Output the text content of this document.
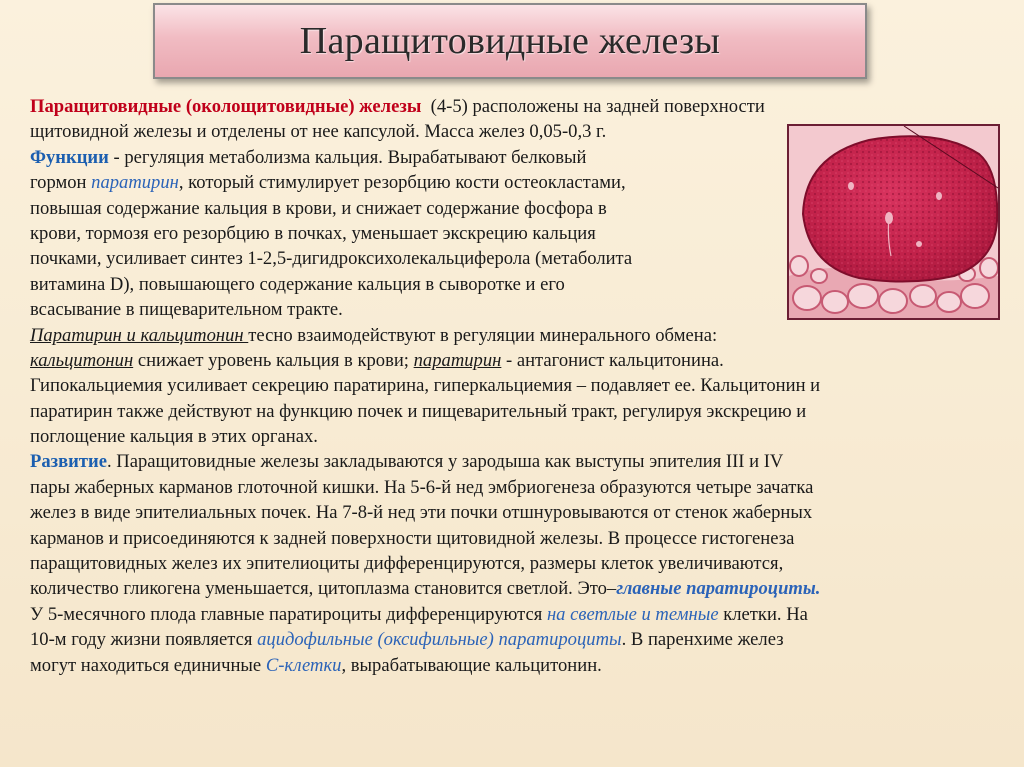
Паращитовидные железы
Паращитовидные (околощитовидные) железы  (4-5) расположены на задней поверхности
щитовидной железы и отделены от нее капсулой. Масса желез 0,05-0,3 г.
Функции - регуляция метаболизма кальция. Вырабатывают белковый
гормон паратирин, который стимулирует резорбцию кости остеокластами,
повышая содержание кальция в крови, и снижает содержание фосфора в
крови, тормозя его резорбцию в почках, уменьшает экскрецию кальция
почками, усиливает синтез 1-2,5-дигидроксихолекальциферола (метаболита
витамина D), повышающего содержание кальция в сыворотке и его
всасывание в пищеварительном тракте.
Паратирин и кальцитонин тесно взаимодействуют в регуляции минерального обмена:
кальцитонин снижает уровень кальция в крови; паратирин - антагонист кальцитонина.
Гипокальциемия усиливает секрецию паратирина, гиперкальциемия – подавляет ее. Кальцитонин и
паратирин также действуют на функцию почек и пищеварительный тракт, регулируя экскрецию и
поглощение кальция в этих органах.
Развитие. Паращитовидные железы закладываются у зародыша как выступы эпителия III и IV
пары жаберных карманов глоточной кишки. На 5-6-й нед эмбриогенеза образуются четыре зачатка
желез в виде эпителиальных почек. На 7-8-й нед эти почки отшнуровываются от стенок жаберных
карманов и присоединяются к задней поверхности щитовидной железы. В процессе гистогенеза
паращитовидных желез их эпителиоциты дифференцируются, размеры клеток увеличиваются,
количество гликогена уменьшается, цитоплазма становится светлой. Это–главные паратироциты.
У 5-месячного плода главные паратироциты дифференцируются на светлые и темные клетки. На
10-м году жизни появляется ацидофильные (оксифильные) паратироциты. В паренхиме желез
могут находиться единичные С-клетки, вырабатывающие кальцитонин.
